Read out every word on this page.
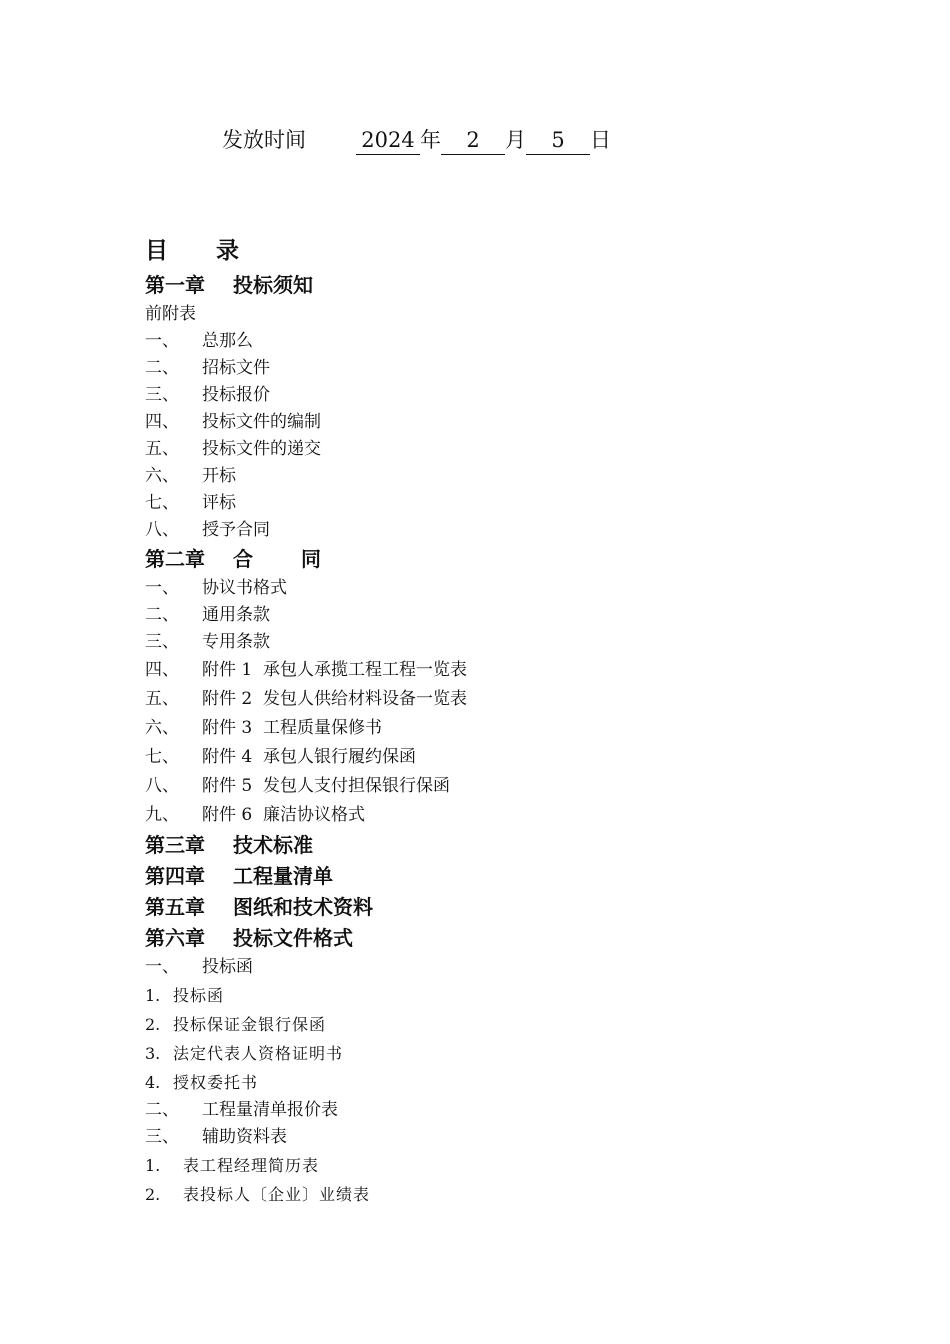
发放时间	2024 年 2 月 5 日
目 录
第一章 投标须知
前附表
一、 总那么
二、 招标文件
三、 投标报价
四、 投标文件的编制
五、 投标文件的递交
六、 开标
七、 评标
八、 授予合同
第二章 合 同
一、 协议书格式
二、 通用条款
三、 专用条款
四、 附件 1 承包人承揽工程工程一览表
五、 附件 2 发包人供给材料设备一览表
六、 附件 3 工程质量保修书
七、 附件 4 承包人银行履约保函
八、 附件 5 发包人支付担保银行保函
九、 附件 6 廉洁协议格式
第三章 技术标准
第四章 工程量清单
第五章 图纸和技术资料
第六章 投标文件格式
一、 投标函
1. 投标函
2. 投标保证金银行保函
3. 法定代表人资格证明书
4. 授权委托书
二、 工程量清单报价表
三、 辅助资料表
1. 表工程经理简历表
2. 表投标人〔企业〕业绩表
